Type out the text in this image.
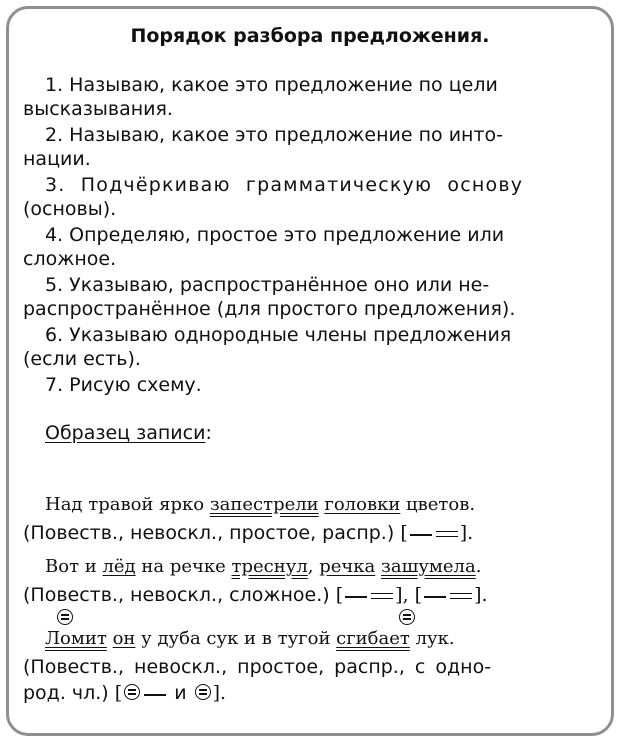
Порядок разбора предложения.
1. Называю, какое это предложение по цели
высказывания.
2. Называю, какое это предложение по инто-
нации.
3. Подчёркиваю грамматическую основу
(основы).
4. Определяю, простое это предложение или
сложное.
5. Указываю, распространённое оно или не-
распространённое (для простого предложения).
6. Указываю однородные члены предложения
(если есть).
7. Рисую схему.
Образец записи:
Над травой ярко запестрели головки цветов.
(Повеств., невоскл., простое, распр.) [	].
Вот и лёд на речке треснул, речка зашумела.
(Повеств., невоскл., сложное.) [	], [	].
Ломит он у дуба сук и в тугой сгибает лук.
(Повеств., невоскл., простое, распр., с одно-
род. чл.) [ и ].
